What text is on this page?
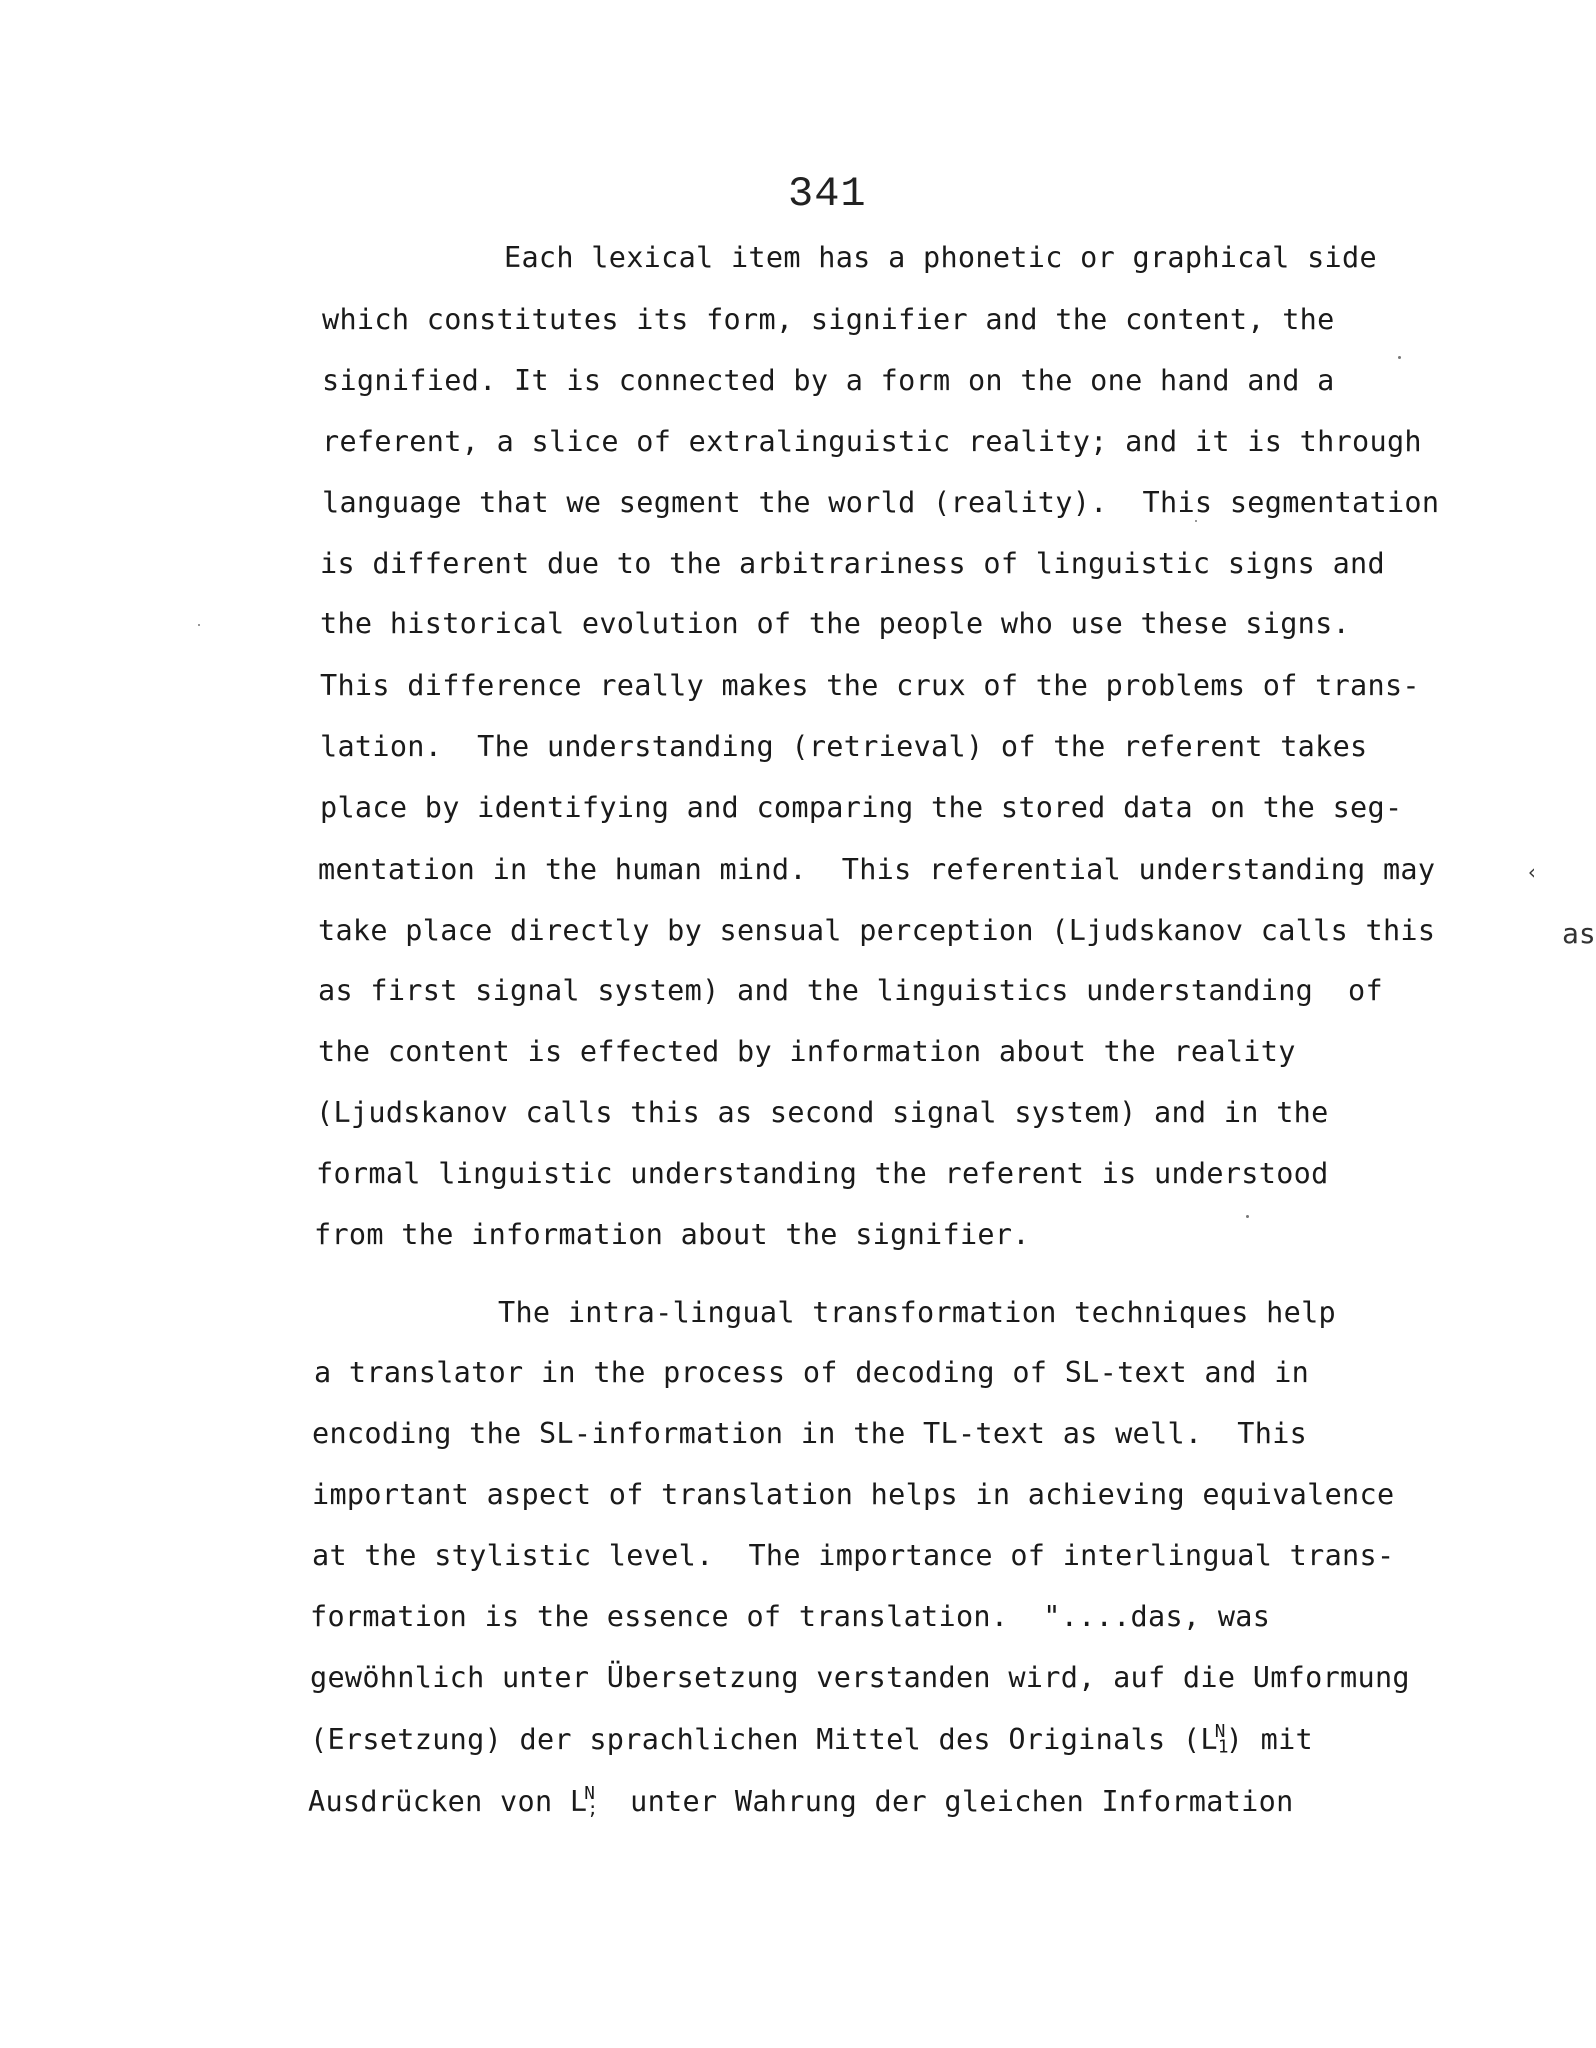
341
Each lexical item has a phonetic or graphical side
which constitutes its form, signifier and the content, the
signified. It is connected by a form on the one hand and a
referent, a slice of extralinguistic reality; and it is through
language that we segment the world (reality).  This segmentation
is different due to the arbitrariness of linguistic signs and
the historical evolution of the people who use these signs.
This difference really makes the crux of the problems of trans-
lation.  The understanding (retrieval) of the referent takes
place by identifying and comparing the stored data on the seg-
mentation in the human mind.  This referential understanding may
take place directly by sensual perception (Ljudskanov calls this
as first signal system) and the linguistics understanding  of
the content is effected by information about the reality
(Ljudskanov calls this as second signal system) and in the
formal linguistic understanding the referent is understood
from the information about the signifier.
The intra-lingual transformation techniques help
a translator in the process of decoding of SL-text and in
encoding the SL-information in the TL-text as well.  This
important aspect of translation helps in achieving equivalence
at the stylistic level.  The importance of interlingual trans-
formation is the essence of translation.  "....das, was
gewöhnlich unter Übersetzung verstanden wird, auf die Umformung
(Ersetzung) der sprachlichen Mittel des Originals $(L1^N)$ mit
Ausdrücken von L;$^N$  unter Wahrung der gleichen Information
‹
as
